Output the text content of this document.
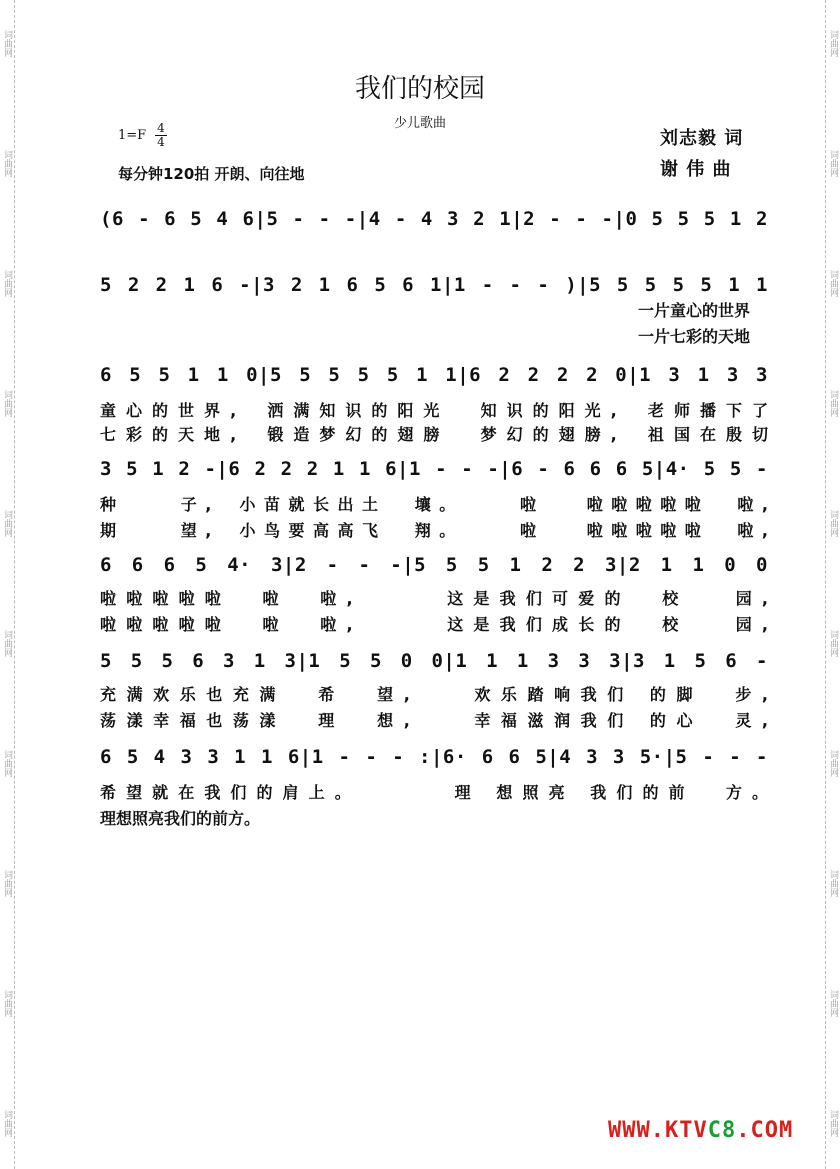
词曲网
词曲网
词曲网
词曲网
词曲网
词曲网
词曲网
词曲网
词曲网
词曲网
词曲网
词曲网
词曲网
词曲网
词曲网
词曲网
词曲网
词曲网
词曲网
词曲网
我们的校园
少儿歌曲
$1=F \frac{4}{4}$	刘志毅 词
谢 伟 曲
每分钟120拍 开朗、向往地
(6 - 6 5 4 6|5 - - -|4 - 4 3 2 1|2 - - -|0 5 5 5 1 2
5 2 2 1 6 -|3 2 1 6 5 6 1|1 - - - )|5 5 5 5 5 1 1
一片童心的世界
一片七彩的天地
6 5 5 1 1 0|5 5 5 5 5 1 1|6 2 2 2 2 0|1 3 1 3 3
童心的世界,  洒满知识的阳光  知识的阳光,  老师播下了
七彩的天地,  锻造梦幻的翅膀  梦幻的翅膀,  祖国在殷切
3 5 1 2 -|6 2 2 2 1 1 6|1 - - -|6 - 6 6 6 5|4· 5 5 -
种    子,  小苗就长出土  壤。    啦   啦啦啦啦啦  啦,
期    望,  小鸟要高高飞  翔。    啦   啦啦啦啦啦  啦,
6 6 6 5 4· 3|2 - - -|5 5 5 1 2 2 3|2 1 1 0 0
啦啦啦啦啦  啦  啦,      这是我们可爱的  校   园,
啦啦啦啦啦  啦  啦,      这是我们成长的  校   园,
5 5 5 6 3 1 3|1 5 5 0 0|1 1 1 3 3 3|3 1 5 6 -
充满欢乐也充满  希  望,    欢乐踏响我们 的脚  步,
荡漾幸福也荡漾  理  想,    幸福滋润我们 的心  灵,
6 5 4 3 3 1 1 6|1 - - - :|6· 6 6 5|4 3 3 5·|5 - - -
希望就在我们的肩上。      理 想照亮 我们的前  方。
理想照亮我们的前方。
WWW.KTVC8.COM
